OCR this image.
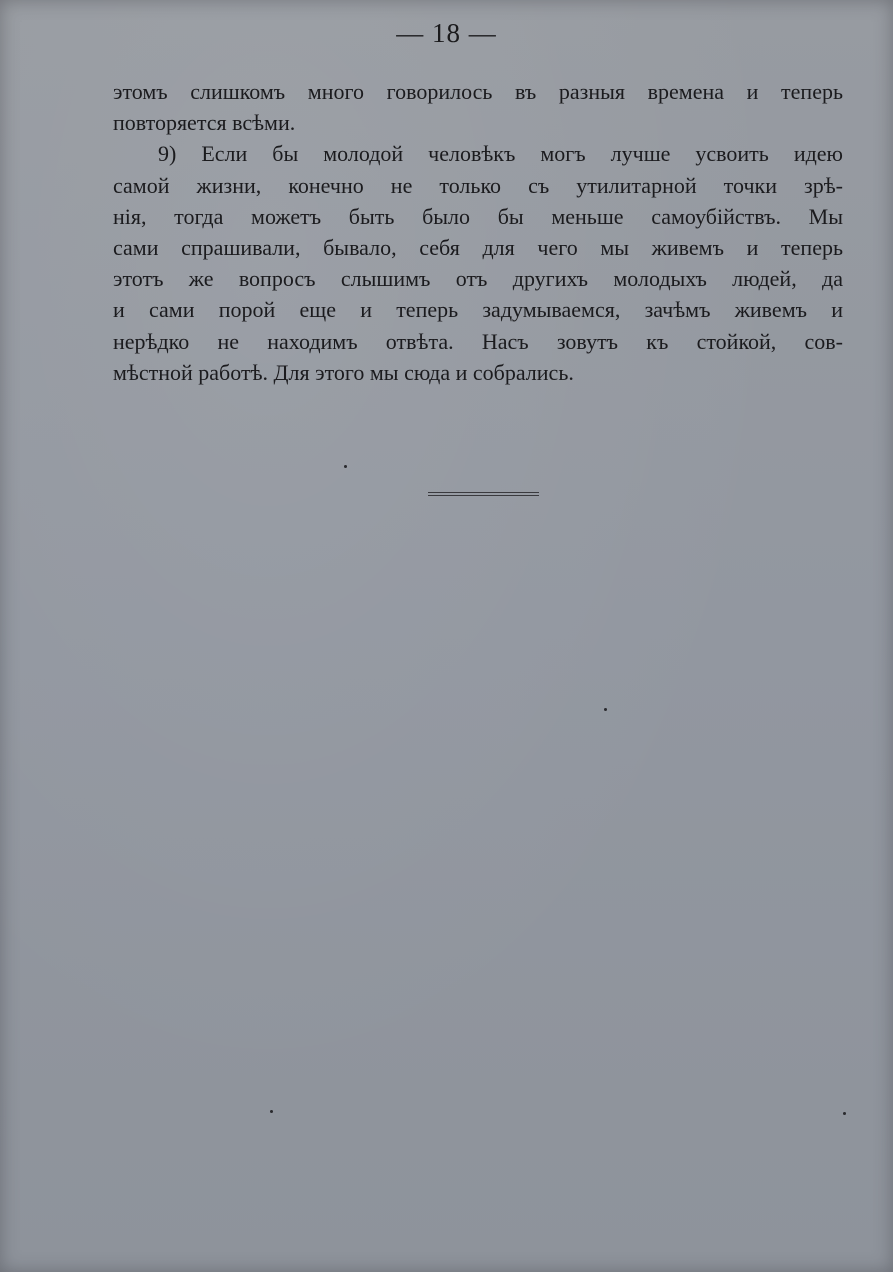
— 18 —
этомъ слишкомъ много говорилось въ разныя времена и теперь
повторяется всѣми.
9) Если бы молодой человѣкъ могъ лучше усвоить идею
самой жизни, конечно не только съ утилитарной точки зрѣ-
нія, тогда можетъ быть было бы меньше самоубійствъ. Мы
сами спрашивали, бывало, себя для чего мы живемъ и теперь
этотъ же вопросъ слышимъ отъ другихъ молодыхъ людей, да
и сами порой еще и теперь задумываемся, зачѣмъ живемъ и
нерѣдко не находимъ отвѣта. Насъ зовутъ къ стойкой, сов-
мѣстной работѣ. Для этого мы сюда и собрались.
